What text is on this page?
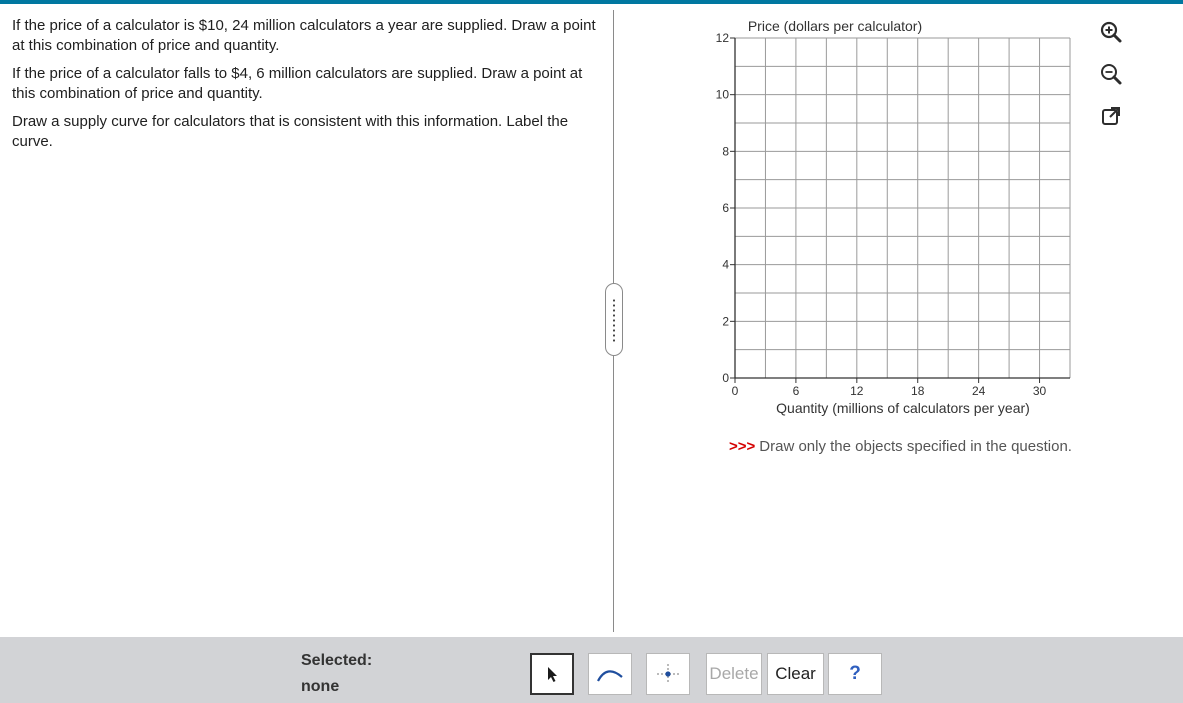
If the price of a calculator is $10, 24 million calculators a year are supplied. Draw a point at this combination of price and quantity.

If the price of a calculator falls to $4, 6 million calculators are supplied. Draw a point at this combination of price and quantity.

Draw a supply curve for calculators that is consistent with this information. Label the curve.

12
10
8
6
4
2
0
0	6	12	18	24	30
Price (dollars per calculator)
Quantity (millions of calculators per year)
>>> Draw only the objects specified in the question.
Selected:
none
Delete Clear	?
